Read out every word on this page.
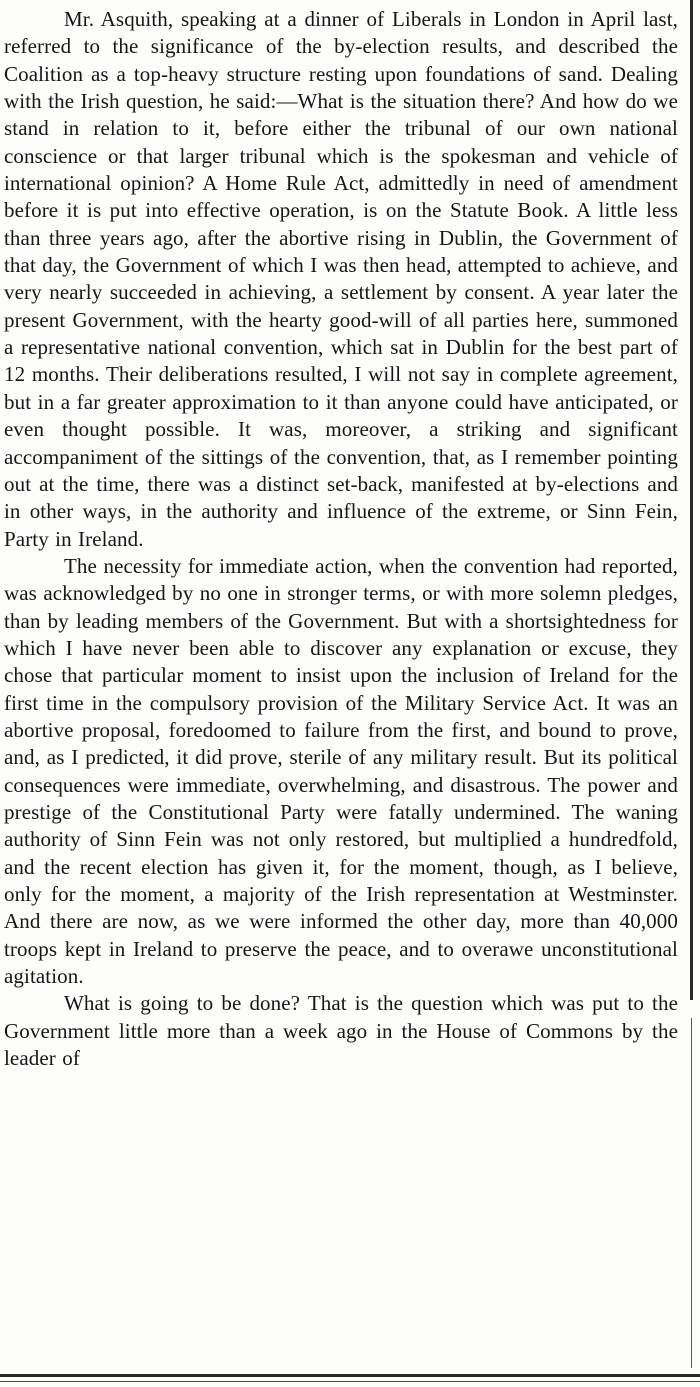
Mr. Asquith, speaking at a dinner of Liberals in London in April last, referred to the significance of the by-election results, and described the Coalition as a top-heavy structure resting upon foundations of sand. Dealing with the Irish question, he said:—What is the situation there? And how do we stand in relation to it, before either the tribunal of our own national conscience or that larger tribunal which is the spokesman and vehicle of international opinion? A Home Rule Act, admittedly in need of amendment before it is put into effective operation, is on the Statute Book. A little less than three years ago, after the abortive rising in Dublin, the Government of that day, the Government of which I was then head, attempted to achieve, and very nearly succeeded in achieving, a settlement by consent. A year later the present Government, with the hearty good-will of all parties here, summoned a representative national convention, which sat in Dublin for the best part of 12 months. Their deliberations resulted, I will not say in complete agreement, but in a far greater approximation to it than anyone could have anticipated, or even thought possible. It was, moreover, a striking and significant accompaniment of the sittings of the convention, that, as I remember pointing out at the time, there was a distinct set-back, manifested at by-elections and in other ways, in the authority and influence of the extreme, or Sinn Fein, Party in Ireland.

The necessity for immediate action, when the convention had reported, was acknowledged by no one in stronger terms, or with more solemn pledges, than by leading members of the Government. But with a shortsightedness for which I have never been able to discover any explanation or excuse, they chose that particular moment to insist upon the inclusion of Ireland for the first time in the compulsory provision of the Military Service Act. It was an abortive proposal, foredoomed to failure from the first, and bound to prove, and, as I predicted, it did prove, sterile of any military result. But its political consequences were immediate, overwhelming, and disastrous. The power and prestige of the Constitutional Party were fatally undermined. The waning authority of Sinn Fein was not only restored, but multiplied a hundredfold, and the recent election has given it, for the moment, though, as I believe, only for the moment, a majority of the Irish representation at Westminster. And there are now, as we were informed the other day, more than 40,000 troops kept in Ireland to preserve the peace, and to overawe unconstitutional agitation.

What is going to be done? That is the question which was put to the Government little more than a week ago in the House of Commons by the leader of
